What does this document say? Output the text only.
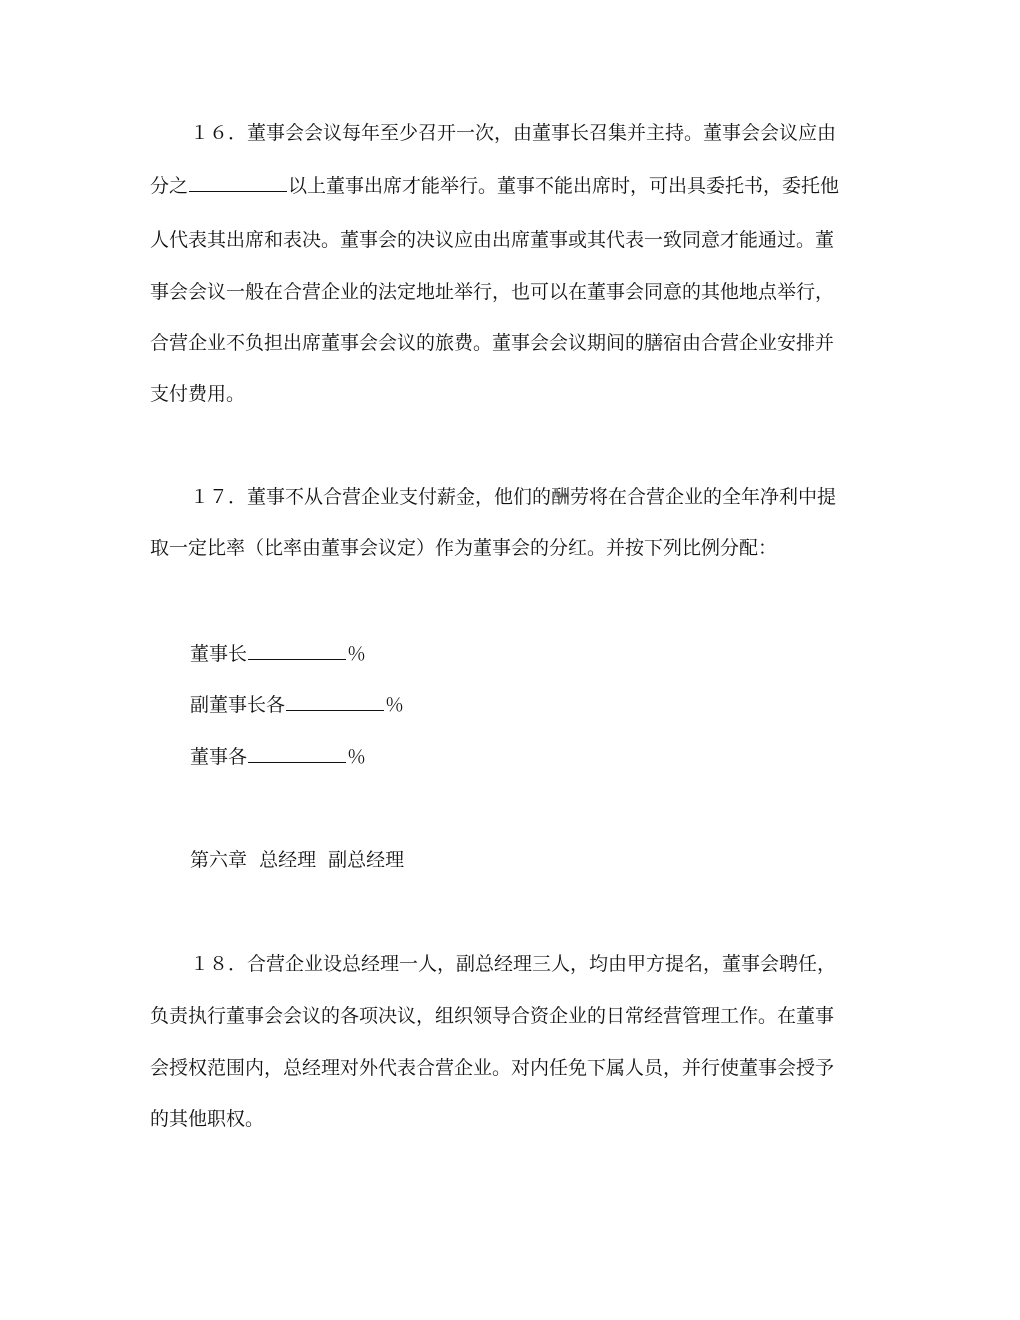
１６．董事会会议每年至少召开一次，由董事长召集并主持。董事会会议应由
分之	以上董事出席才能举行。董事不能出席时，可出具委托书，委托他
人代表其出席和表决。董事会的决议应由出席董事或其代表一致同意才能通过。董
事会会议一般在合营企业的法定地址举行，也可以在董事会同意的其他地点举行，
合营企业不负担出席董事会会议的旅费。董事会会议期间的膳宿由合营企业安排并
支付费用。
１７．董事不从合营企业支付薪金，他们的酬劳将在合营企业的全年净利中提
取一定比率（比率由董事会议定）作为董事会的分红。并按下列比例分配：
董事长	％
副董事长各	％
董事各	％
第六章  总经理  副总经理
１８．合营企业设总经理一人，副总经理三人，均由甲方提名，董事会聘任，
负责执行董事会会议的各项决议，组织领导合资企业的日常经营管理工作。在董事
会授权范围内，总经理对外代表合营企业。对内任免下属人员，并行使董事会授予
的其他职权。
